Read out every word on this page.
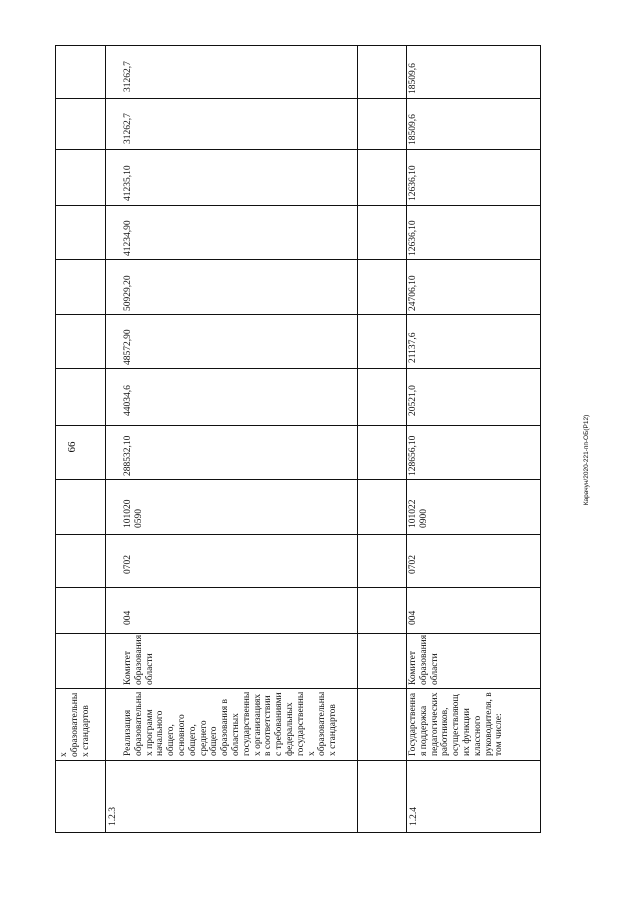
66	Карачун/2020-221-пп-ОБ(Р12)
х образовательны х стандартов
1.2.3
Реализация образовательны х программ начального общего, основного общего, среднего общего образования в областных государственны х организациях в соответствии с требованиями федеральных государственны х образовательны х стандартов
Комитет образования области
004
0702
101020 0590
288532,10
44034,6
48572,90
50929,20
41234,90
41235,10
31262,7
31262,7
1.2.4
Государственна я поддержка педагогических работников, осуществляющ их функции классного руководителя, в том числе:
Комитет образования области
004
0702
101022 0900
128656,10
20521,0
21137,6
24706,10
12636,10
12636,10
18509,6
18509,6
